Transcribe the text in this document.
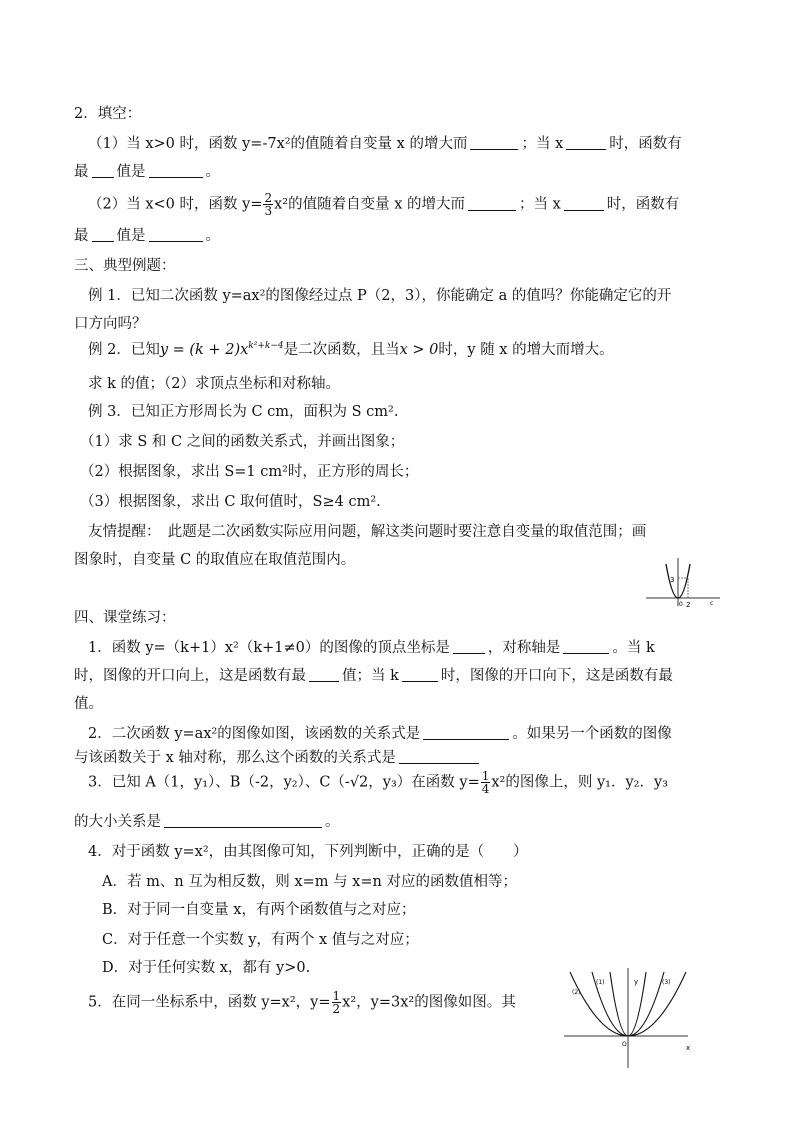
2．填空：
（1）当 x>0 时，函数 y=-7x²的值随着自变量 x 的增大而	；当 x	时，函数有
最 值是	。
（2）当 x<0 时，函数 $y= \frac{2}{3} x^2$的值随着自变量 x 的增大而	；当 x	时，函数有
最 值是	。
三、典型例题：
例 1．已知二次函数 y=ax²的图像经过点 P（2，3），你能确定 a 的值吗？你能确定它的开
口方向吗？
例 2．已知$y = (k + 2)x^{k^2+k-4}$是二次函数，且当x > 0时，y 随 x 的增大而增大。
求 k 的值；（2）求顶点坐标和对称轴。
例 3．已知正方形周长为 C cm，面积为 S cm².
（1）求 S 和 C 之间的函数关系式，并画出图象；
（2）根据图象，求出 S=1 cm²时，正方形的周长；
（3）根据图象，求出 C 取何值时，S≥4 cm².
友情提醒：　此题是二次函数实际应用问题，解这类问题时要注意自变量的取值范围；画
图象时，自变量 C 的取值应在取值范围内。
3
0 2	c
四、课堂练习：
1．函数 y=（k+1）x²（k+1≠0）的图像的顶点坐标是	，对称轴是	。当 k
时，图像的开口向上，这是函数有最 值；当 k	时，图像的开口向下，这是函数有最
值。
2．二次函数 y=ax²的图像如图，该函数的关系式是	。如果另一个函数的图像
与该函数关于 x 轴对称，那么这个函数的关系式是
3．已知 A（1，y₁）、B（-2，y₂）、C（-√2，y₃）在函数 $y= \frac{1}{4} x^2$的图像上，则 y₁．y₂．y₃
的大小关系是	。
4．对于函数 y=x²，由其图像可知，下列判断中，正确的是（　　）
A．若 m、n 互为相反数，则 x=m 与 x=n 对应的函数值相等；
B．对于同一自变量 x，有两个函数值与之对应；
C．对于任意一个实数 y，有两个 x 值与之对应；
D．对于任何实数 x，都有 y>0.
5．在同一坐标系中，函数 y=x²，$y= \frac{1}{2} x^2$，y=3x²的图像如图。其
y
x
O
(1)
(2)
(3)
